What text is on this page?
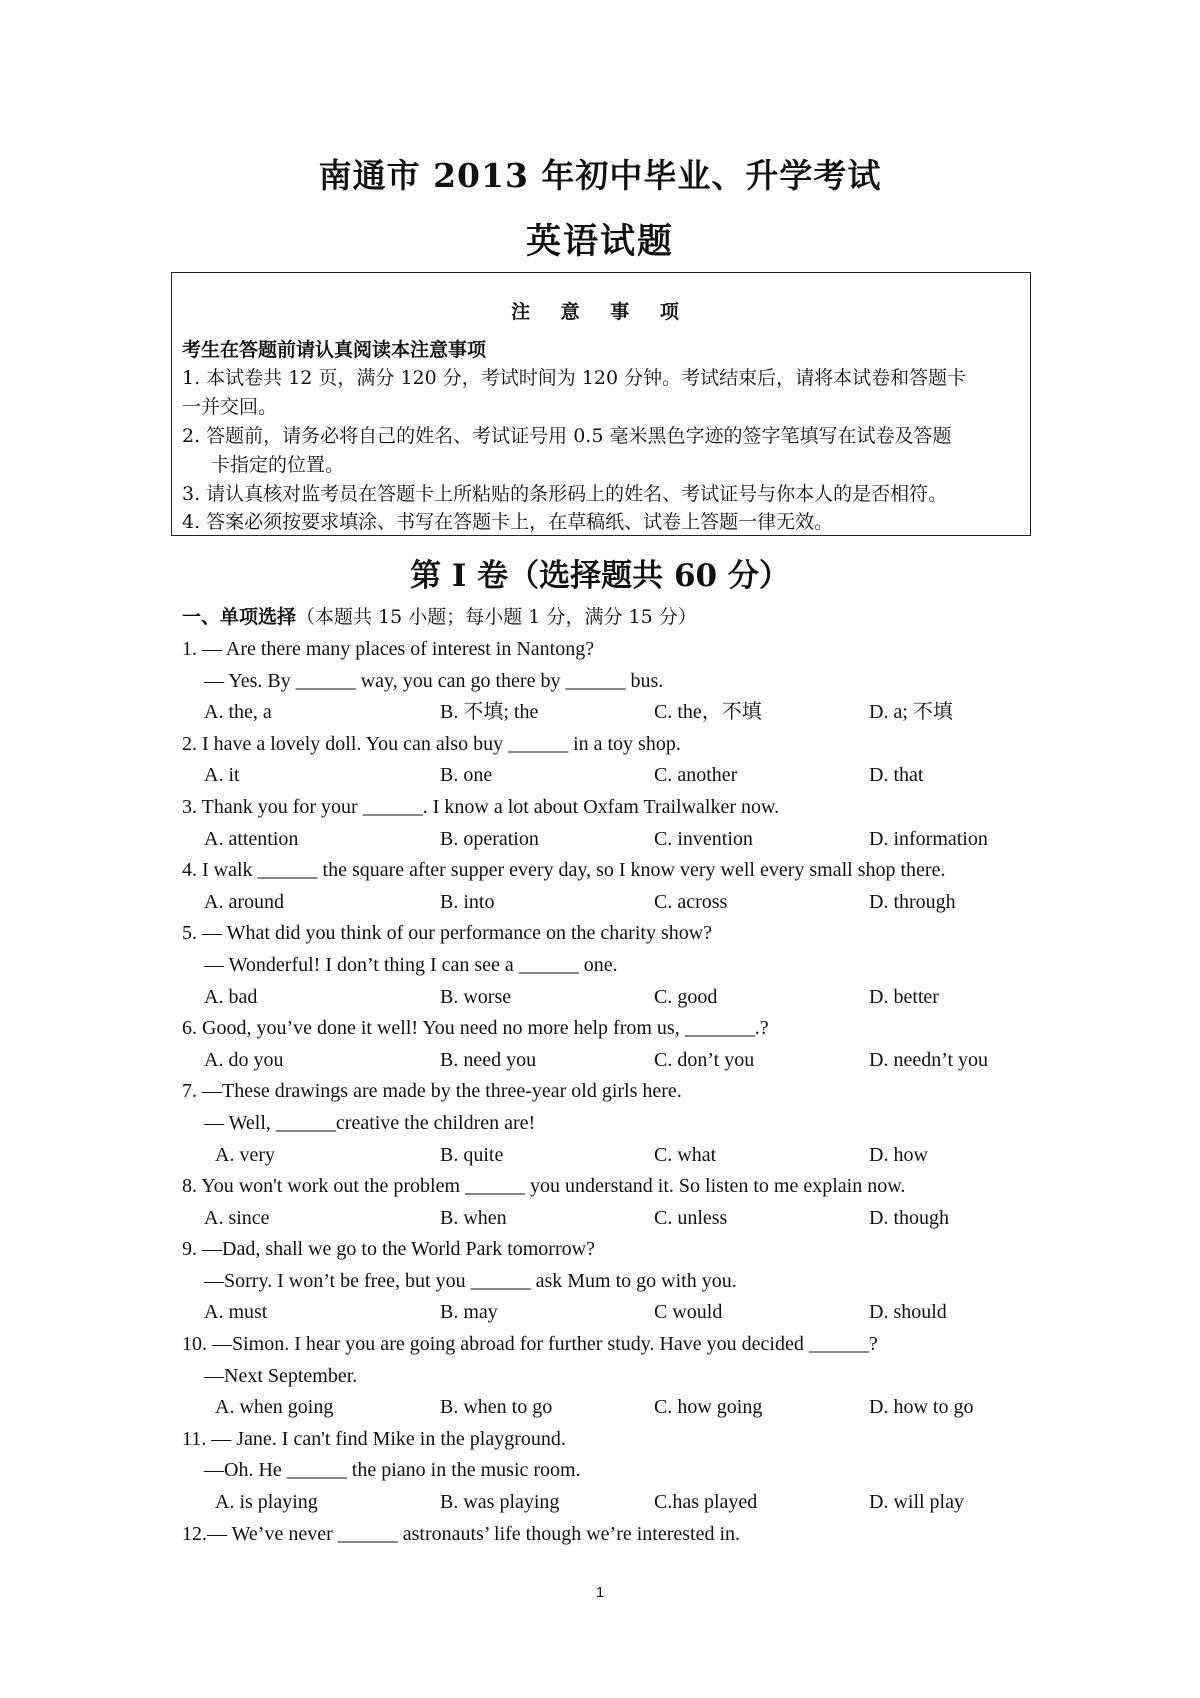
南通市 2013 年初中毕业、升学考试
英语试题
注 意 事 项
考生在答题前请认真阅读本注意事项
1. 本试卷共 12 页，满分 120 分，考试时间为 120 分钟。考试结束后，请将本试卷和答题卡
一并交回。
2. 答题前，请务必将自己的姓名、考试证号用 0.5 毫米黑色字迹的签字笔填写在试卷及答题
卡指定的位置。
3. 请认真核对监考员在答题卡上所粘贴的条形码上的姓名、考试证号与你本人的是否相符。
4. 答案必须按要求填涂、书写在答题卡上，在草稿纸、试卷上答题一律无效。
第 I 卷（选择题共 60 分）
一、单项选择（本题共 15 小题；每小题 1 分，满分 15 分）
1. — Are there many places of interest in Nantong?
— Yes. By ______ way, you can go there by ______ bus.
A. the, a	B. 不填; the	C. the，不填	D. a; 不填
2. I have a lovely doll. You can also buy ______ in a toy shop.
A. it	B. one	C. another	D. that
3. Thank you for your ______. I know a lot about Oxfam Trailwalker now.
A. attention	B. operation	C. invention	D. information
4. I walk ______ the square after supper every day, so I know very well every small shop there.
A. around	B. into	C. across	D. through
5. — What did you think of our performance on the charity show?
— Wonderful! I don’t thing I can see a ______ one.
A. bad	B. worse	C. good	D. better
6. Good, you’ve done it well! You need no more help from us, _______.?
A. do you	B. need you	C. don’t you	D. needn’t you
7. —These drawings are made by the three-year old girls here.
— Well, ______creative the children are!
A. very	B. quite	C. what	D. how
8. You won't work out the problem ______ you understand it. So listen to me explain now.
A. since	B. when	C. unless	D. though
9. —Dad, shall we go to the World Park tomorrow?
—Sorry. I won’t be free, but you ______ ask Mum to go with you.
A. must	B. may	C would	D. should
10. —Simon. I hear you are going abroad for further study. Have you decided ______?
—Next September.
A. when going	B. when to go	C. how going	D. how to go
11. — Jane. I can't find Mike in the playground.
—Oh. He ______ the piano in the music room.
A. is playing	B. was playing	C.has played	D. will play
12.— We’ve never ______ astronauts’ life though we’re interested in.
1
